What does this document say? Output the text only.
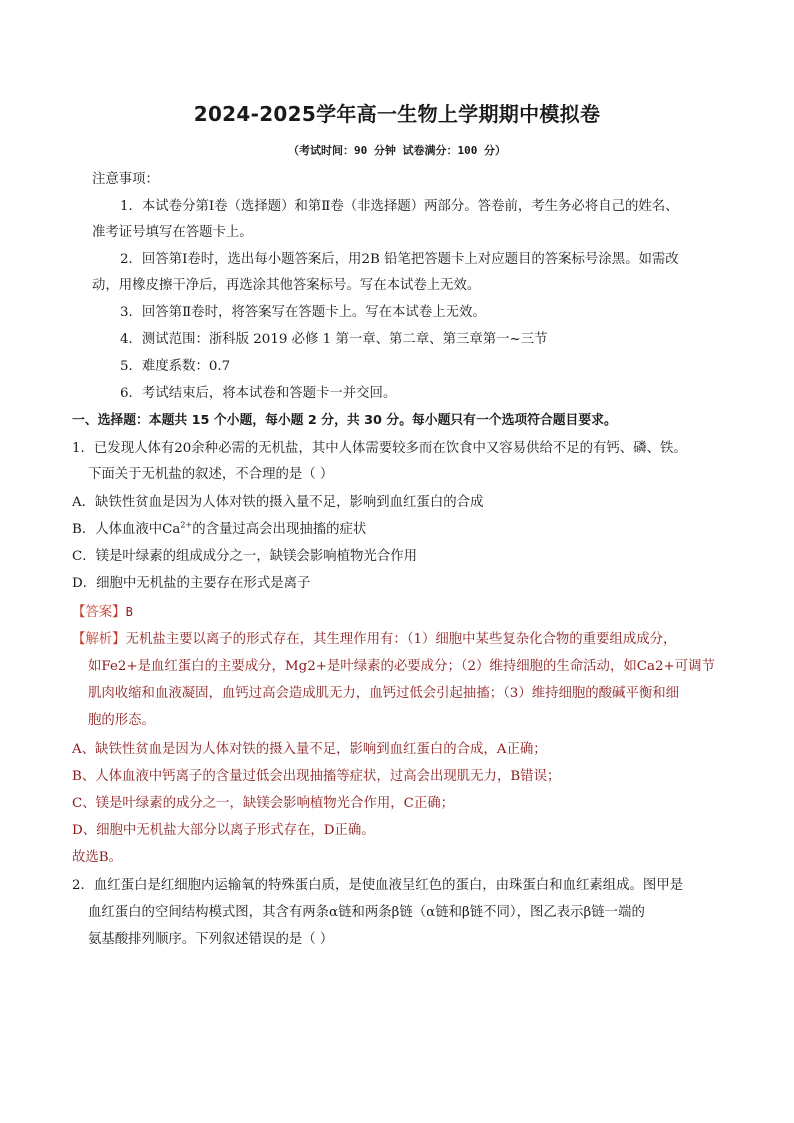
2024-2025学年高一生物上学期期中模拟卷
（考试时间：90 分钟 试卷满分：100 分）
注意事项：
1．本试卷分第Ⅰ卷（选择题）和第Ⅱ卷（非选择题）两部分。答卷前，考生务必将自己的姓名、
准考证号填写在答题卡上。
2．回答第Ⅰ卷时，选出每小题答案后，用2B 铅笔把答题卡上对应题目的答案标号涂黑。如需改
动，用橡皮擦干净后，再选涂其他答案标号。写在本试卷上无效。
3．回答第Ⅱ卷时，将答案写在答题卡上。写在本试卷上无效。
4．测试范围：浙科版 2019 必修 1 第一章、第二章、第三章第一~三节
5．难度系数：0.7
6．考试结束后，将本试卷和答题卡一并交回。
一、选择题：本题共 15 个小题，每小题 2 分，共 30 分。每小题只有一个选项符合题目要求。
1．已发现人体有20余种必需的无机盐，其中人体需要较多而在饮食中又容易供给不足的有钙、磷、铁。
下面关于无机盐的叙述，不合理的是（ ）
A．缺铁性贫血是因为人体对铁的摄入量不足，影响到血红蛋白的合成
B．人体血液中$Ca^{2+}$的含量过高会出现抽搐的症状
C．镁是叶绿素的组成成分之一，缺镁会影响植物光合作用
D．细胞中无机盐的主要存在形式是离子
【答案】B
【解析】无机盐主要以离子的形式存在，其生理作用有：（1）细胞中某些复杂化合物的重要组成成分，
如Fe2+是血红蛋白的主要成分，Mg2+是叶绿素的必要成分；（2）维持细胞的生命活动，如Ca2+可调节
肌肉收缩和血液凝固，血钙过高会造成肌无力，血钙过低会引起抽搐；（3）维持细胞的酸碱平衡和细
胞的形态。
A、缺铁性贫血是因为人体对铁的摄入量不足，影响到血红蛋白的合成，A正确；
B、人体血液中钙离子的含量过低会出现抽搐等症状，过高会出现肌无力，B错误；
C、镁是叶绿素的成分之一，缺镁会影响植物光合作用，C正确；
D、细胞中无机盐大部分以离子形式存在，D正确。
故选B。
2．血红蛋白是红细胞内运输氧的特殊蛋白质，是使血液呈红色的蛋白，由珠蛋白和血红素组成。图甲是
血红蛋白的空间结构模式图，其含有两条α链和两条β链（α链和β链不同），图乙表示β链一端的
氨基酸排列顺序。下列叙述错误的是（ ）
